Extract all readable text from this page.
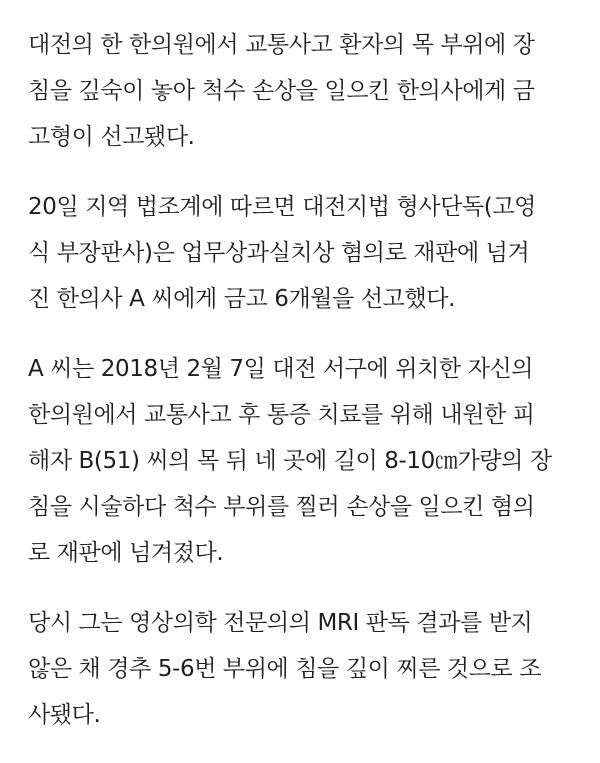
대전의 한 한의원에서 교통사고 환자의 목 부위에 장
침을 깊숙이 놓아 척수 손상을 일으킨 한의사에게 금
고형이 선고됐다.
20일 지역 법조계에 따르면 대전지법 형사단독(고영
식 부장판사)은 업무상과실치상 혐의로 재판에 넘겨
진 한의사 A 씨에게 금고 6개월을 선고했다.
A 씨는 2018년 2월 7일 대전 서구에 위치한 자신의
한의원에서 교통사고 후 통증 치료를 위해 내원한 피
해자 B(51) 씨의 목 뒤 네 곳에 길이 8-10㎝가량의 장
침을 시술하다 척수 부위를 찔러 손상을 일으킨 혐의
로 재판에 넘겨졌다.
당시 그는 영상의학 전문의의 MRI 판독 결과를 받지
않은 채 경추 5-6번 부위에 침을 깊이 찌른 것으로 조
사됐다.
